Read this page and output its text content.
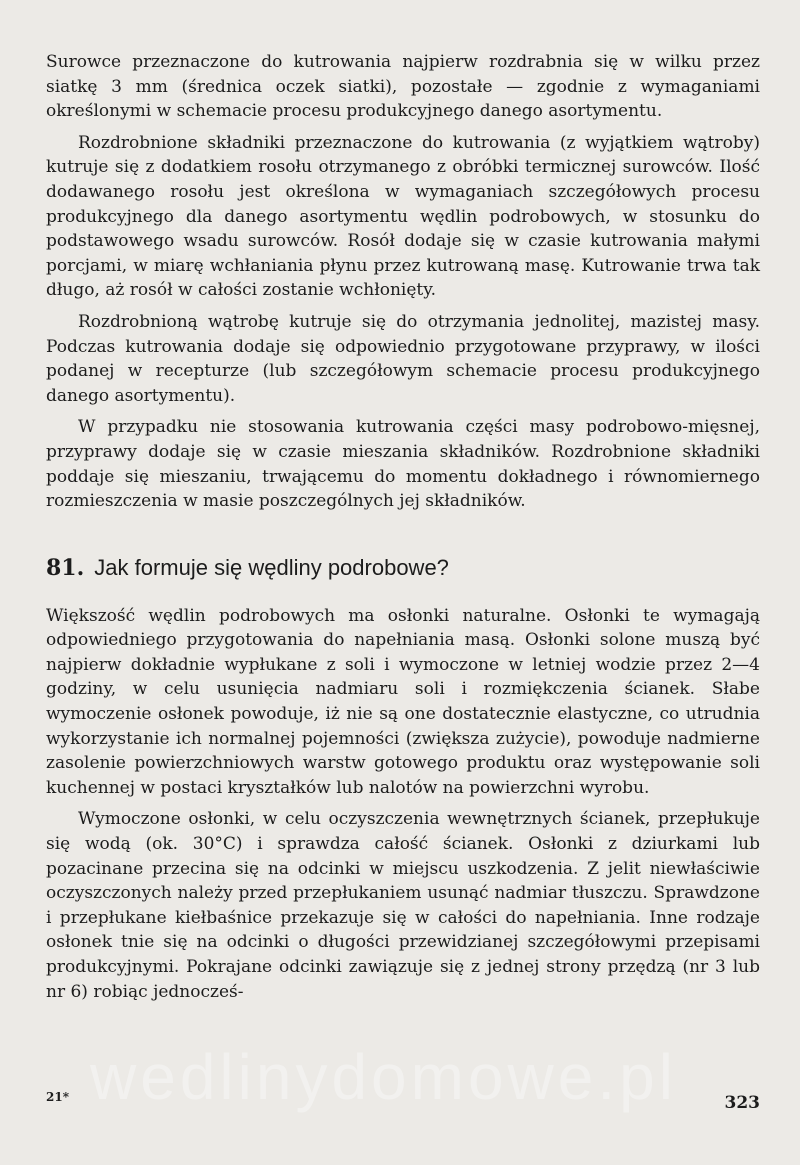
Surowce przeznaczone do kutrowania najpierw rozdrabnia się w wilku przez siatkę 3 mm (średnica oczek siatki), pozostałe — zgodnie z wymaganiami określonymi w schemacie procesu produkcyjnego danego asortymentu.

Rozdrobnione składniki przeznaczone do kutrowania (z wyjątkiem wątroby) kutruje się z dodatkiem rosołu otrzymanego z obróbki termicznej surowców. Ilość dodawanego rosołu jest określona w wymaganiach szczegółowych procesu produkcyjnego dla danego asortymentu wędlin podrobowych, w stosunku do podstawowego wsadu surowców. Rosół dodaje się w czasie kutrowania małymi porcjami, w miarę wchłaniania płynu przez kutrowaną masę. Kutrowanie trwa tak długo, aż rosół w całości zostanie wchłonięty.

Rozdrobnioną wątrobę kutruje się do otrzymania jednolitej, mazistej masy. Podczas kutrowania dodaje się odpowiednio przygotowane przyprawy, w ilości podanej w recepturze (lub szczegółowym schemacie procesu produkcyjnego danego asortymentu).

W przypadku nie stosowania kutrowania części masy podrobowo-mięsnej, przyprawy dodaje się w czasie mieszania składników. Rozdrobnione składniki poddaje się mieszaniu, trwającemu do momentu dokładnego i równomiernego rozmieszczenia w masie poszczególnych jej składników.

81. Jak formuje się wędliny podrobowe?

Większość wędlin podrobowych ma osłonki naturalne. Osłonki te wymagają odpowiedniego przygotowania do napełniania masą. Osłonki solone muszą być najpierw dokładnie wypłukane z soli i wymoczone w letniej wodzie przez 2—4 godziny, w celu usunięcia nadmiaru soli i rozmiękczenia ścianek. Słabe wymoczenie osłonek powoduje, iż nie są one dostatecznie elastyczne, co utrudnia wykorzystanie ich normalnej pojemności (zwiększa zużycie), powoduje nadmierne zasolenie powierzchniowych warstw gotowego produktu oraz występowanie soli kuchennej w postaci kryształków lub nalotów na powierzchni wyrobu.

Wymoczone osłonki, w celu oczyszczenia wewnętrznych ścianek, przepłukuje się wodą (ok. 30°C) i sprawdza całość ścianek. Osłonki z dziurkami lub pozacinane przecina się na odcinki w miejscu uszkodzenia. Z jelit niewłaściwie oczyszczonych należy przed przepłukaniem usunąć nadmiar tłuszczu. Sprawdzone i przepłukane kiełbaśnice przekazuje się w całości do napełniania. Inne rodzaje osłonek tnie się na odcinki o długości przewidzianej szczegółowymi przepisami produkcyjnymi. Pokrajane odcinki zawiązuje się z jednej strony przędzą (nr 3 lub nr 6) robiąc jednocześ-

wedlinydomowe.pl
21*	323
